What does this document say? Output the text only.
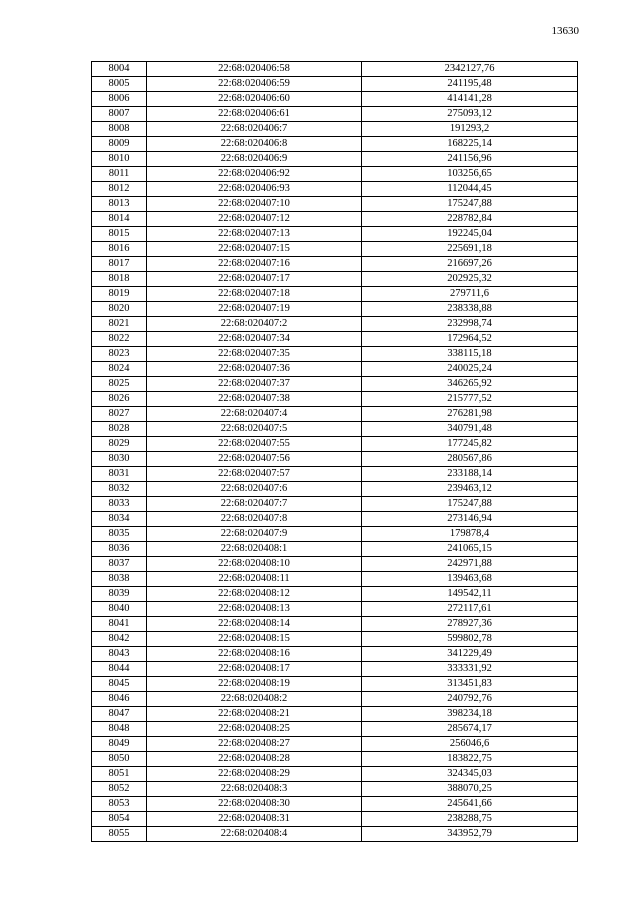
13630
8004	22:68:020406:58	2342127,76
8005	22:68:020406:59	241195,48
8006	22:68:020406:60	414141,28
8007	22:68:020406:61	275093,12
8008	22:68:020406:7	191293,2
8009	22:68:020406:8	168225,14
8010	22:68:020406:9	241156,96
8011	22:68:020406:92	103256,65
8012	22:68:020406:93	112044,45
8013	22:68:020407:10	175247,88
8014	22:68:020407:12	228782,84
8015	22:68:020407:13	192245,04
8016	22:68:020407:15	225691,18
8017	22:68:020407:16	216697,26
8018	22:68:020407:17	202925,32
8019	22:68:020407:18	279711,6
8020	22:68:020407:19	238338,88
8021	22:68:020407:2	232998,74
8022	22:68:020407:34	172964,52
8023	22:68:020407:35	338115,18
8024	22:68:020407:36	240025,24
8025	22:68:020407:37	346265,92
8026	22:68:020407:38	215777,52
8027	22:68:020407:4	276281,98
8028	22:68:020407:5	340791,48
8029	22:68:020407:55	177245,82
8030	22:68:020407:56	280567,86
8031	22:68:020407:57	233188,14
8032	22:68:020407:6	239463,12
8033	22:68:020407:7	175247,88
8034	22:68:020407:8	273146,94
8035	22:68:020407:9	179878,4
8036	22:68:020408:1	241065,15
8037	22:68:020408:10	242971,88
8038	22:68:020408:11	139463,68
8039	22:68:020408:12	149542,11
8040	22:68:020408:13	272117,61
8041	22:68:020408:14	278927,36
8042	22:68:020408:15	599802,78
8043	22:68:020408:16	341229,49
8044	22:68:020408:17	333331,92
8045	22:68:020408:19	313451,83
8046	22:68:020408:2	240792,76
8047	22:68:020408:21	398234,18
8048	22:68:020408:25	285674,17
8049	22:68:020408:27	256046,6
8050	22:68:020408:28	183822,75
8051	22:68:020408:29	324345,03
8052	22:68:020408:3	388070,25
8053	22:68:020408:30	245641,66
8054	22:68:020408:31	238288,75
8055	22:68:020408:4	343952,79
